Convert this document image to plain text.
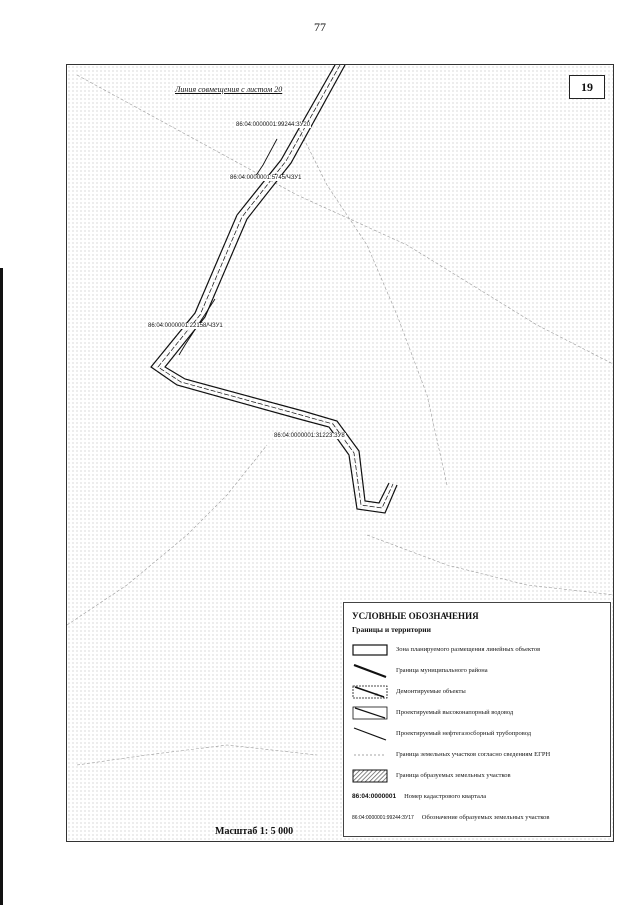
77
19
Линия совмещения с листом 20
86:04:0000001:99244:ЗУ20
86:04:0000001:5745/ЧЗУ1
86:04:0000001:22158/ЧЗУ1
86:04:0000001:31223:ЗУ8
Масштаб 1: 5 000
УСЛОВНЫЕ ОБОЗНАЧЕНИЯ
Границы и территории
Зона планируемого размещения линейных объектов
Граница муниципального района
×	Демонтируемые объекты
Проектируемый высоконапорный водовод
Проектируемый нефтегазосборный трубопровод
Граница земельных участков согласно сведениям ЕГРН
Граница образуемых земельных участков
86:04:0000001 Номер кадастрового квартала
86:04:0000001:99244:ЗУ17 Обозначение образуемых земельных участков
